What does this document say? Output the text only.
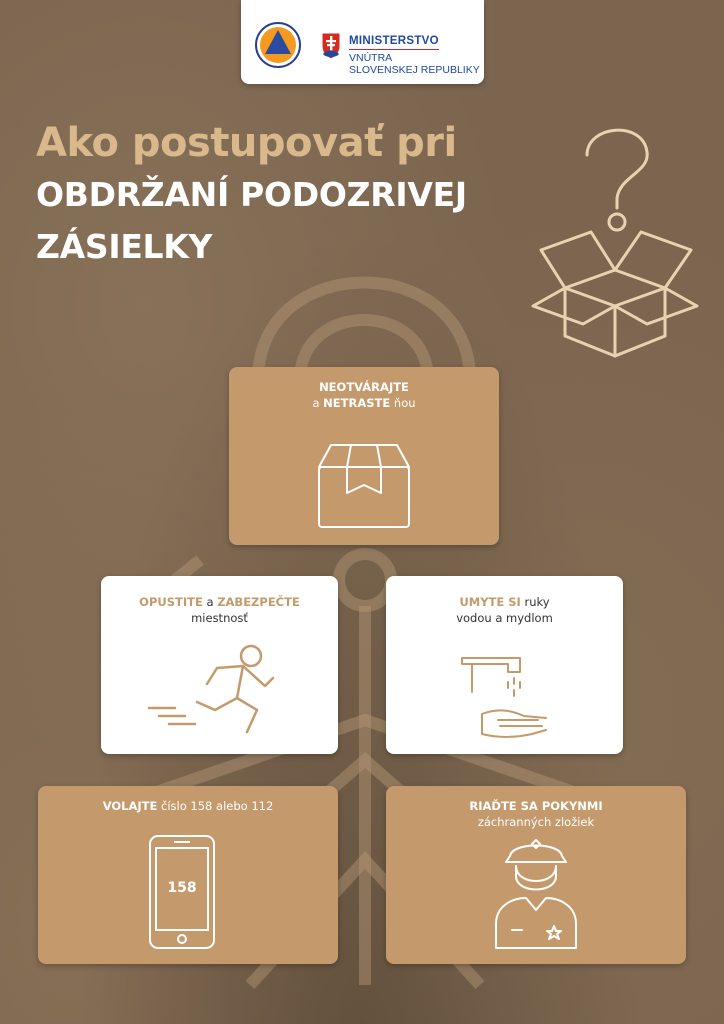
MINISTERSTVO
VNÚTRA
SLOVENSKEJ REPUBLIKY
Ako postupovať pri
OBDRŽANÍ PODOZRIVEJ
ZÁSIELKY
NEOTVÁRAJTE
a NETRASTE ňou
OPUSTITE a ZABEZPEČTE
miestnosť
UMYTE SI ruky
vodou a mydlom
VOLAJTE číslo 158 alebo 112
158
RIAĎTE SA POKYNMI
záchranných zložiek
